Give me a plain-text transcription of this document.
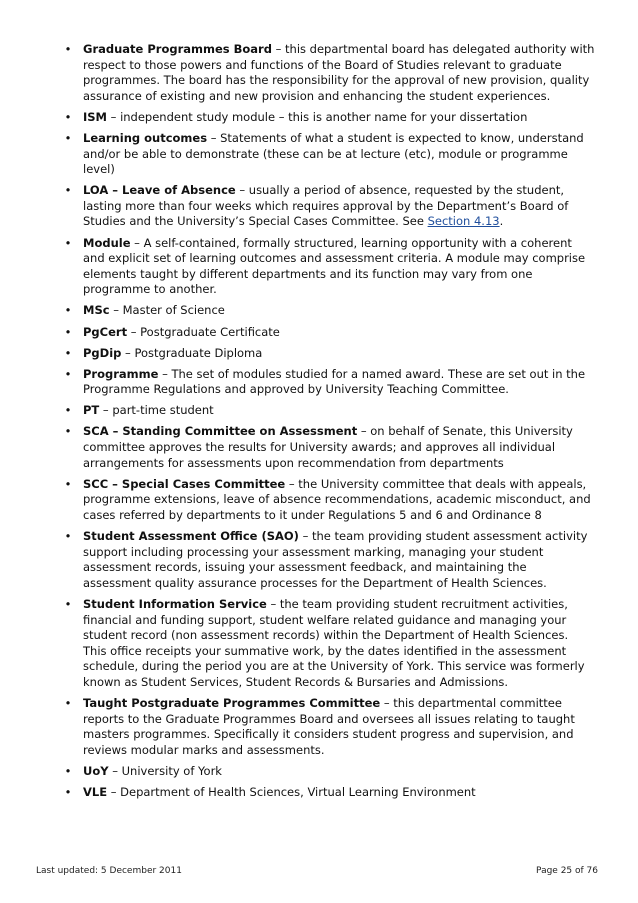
• Graduate Programmes Board – this departmental board has delegated authority with respect to those powers and functions of the Board of Studies relevant to graduate programmes. The board has the responsibility for the approval of new provision, quality assurance of existing and new provision and enhancing the student experiences.
• ISM – independent study module – this is another name for your dissertation
• Learning outcomes – Statements of what a student is expected to know, understand and/or be able to demonstrate (these can be at lecture (etc), module or programme level)
• LOA – Leave of Absence – usually a period of absence, requested by the student, lasting more than four weeks which requires approval by the Department’s Board of Studies and the University’s Special Cases Committee. See Section 4.13.
• Module – A self-contained, formally structured, learning opportunity with a coherent and explicit set of learning outcomes and assessment criteria. A module may comprise elements taught by different departments and its function may vary from one programme to another.
• MSc – Master of Science
• PgCert – Postgraduate Certificate
• PgDip – Postgraduate Diploma
• Programme – The set of modules studied for a named award. These are set out in the Programme Regulations and approved by University Teaching Committee.
• PT – part-time student
• SCA – Standing Committee on Assessment – on behalf of Senate, this University committee approves the results for University awards; and approves all individual arrangements for assessments upon recommendation from departments
• SCC – Special Cases Committee – the University committee that deals with appeals, programme extensions, leave of absence recommendations, academic misconduct, and cases referred by departments to it under Regulations 5 and 6 and Ordinance 8
• Student Assessment Office (SAO) – the team providing student assessment activity support including processing your assessment marking, managing your student assessment records, issuing your assessment feedback, and maintaining the assessment quality assurance processes for the Department of Health Sciences.
• Student Information Service – the team providing student recruitment activities, financial and funding support, student welfare related guidance and managing your student record (non assessment records) within the Department of Health Sciences. This office receipts your summative work, by the dates identified in the assessment schedule, during the period you are at the University of York. This service was formerly known as Student Services, Student Records & Bursaries and Admissions.
• Taught Postgraduate Programmes Committee – this departmental committee reports to the Graduate Programmes Board and oversees all issues relating to taught masters programmes. Specifically it considers student progress and supervision, and reviews modular marks and assessments.
• UoY – University of York
• VLE – Department of Health Sciences, Virtual Learning Environment
Last updated: 5 December 2011	Page 25 of 76
